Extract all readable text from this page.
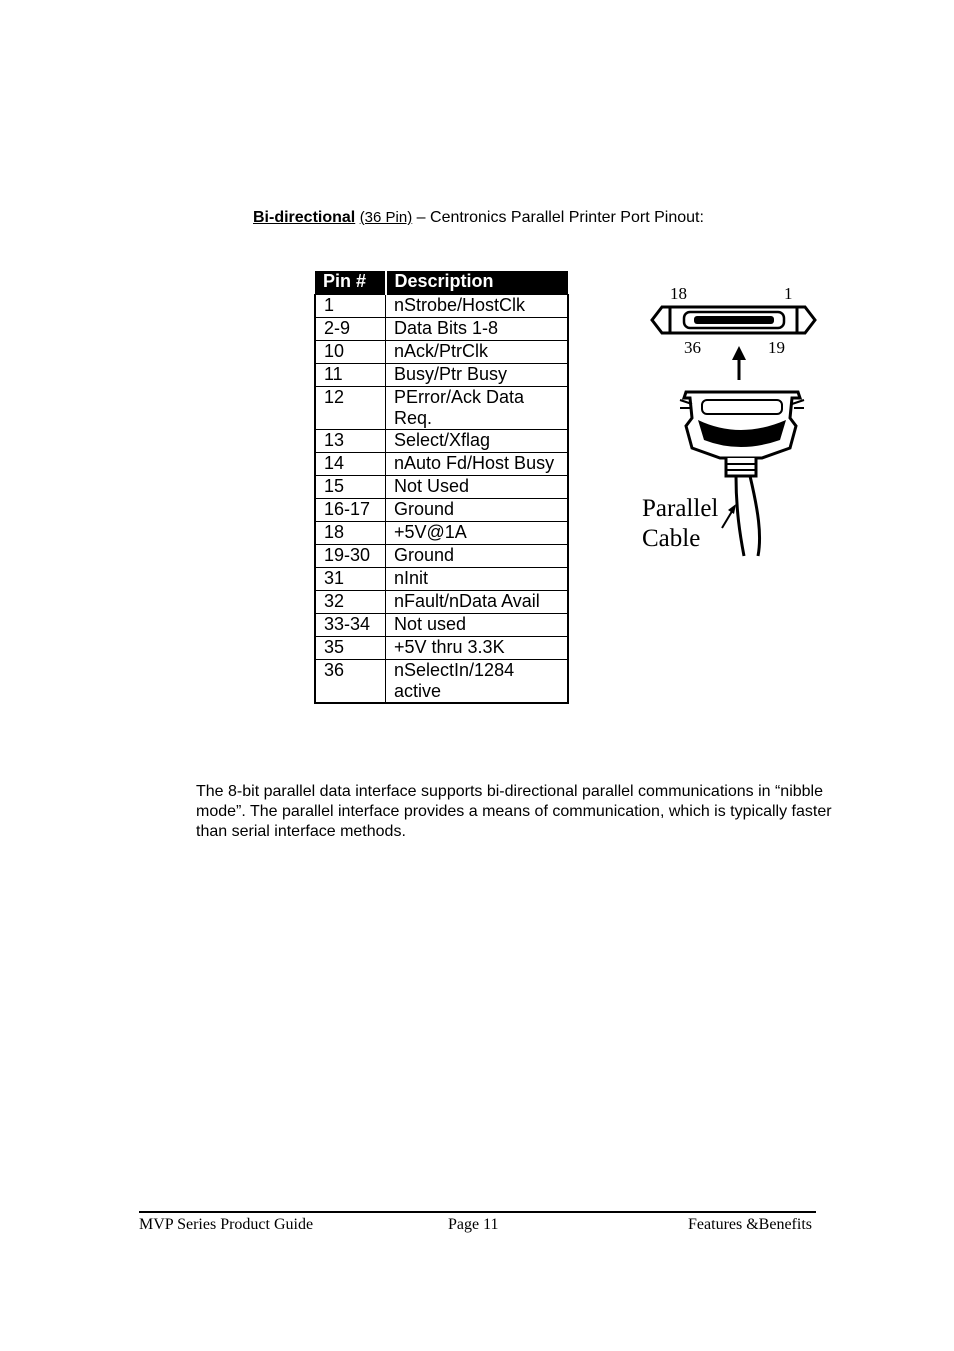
Bi-directional (36 Pin) – Centronics Parallel Printer Port Pinout:
Pin #	Description
1	nStrobe/HostClk
2-9	Data Bits 1-8
10	nAck/PtrClk
11	Busy/Ptr Busy
12	PError/Ack Data Req.
13	Select/Xflag
14	nAuto Fd/Host Busy
15	Not Used
16-17	Ground
18	+5V@1A
19-30	Ground
31	nInit
32	nFault/nData Avail
33-34	Not used
35	+5V thru 3.3K
36	nSelectIn/1284 active
18	1
36	19
Parallel
Cable
The 8-bit parallel data interface supports bi-directional parallel communications in “nibble mode”. The parallel interface provides a means of communication, which is typically faster than serial interface methods.
MVP Series Product Guide	Page 11	Features &Benefits
